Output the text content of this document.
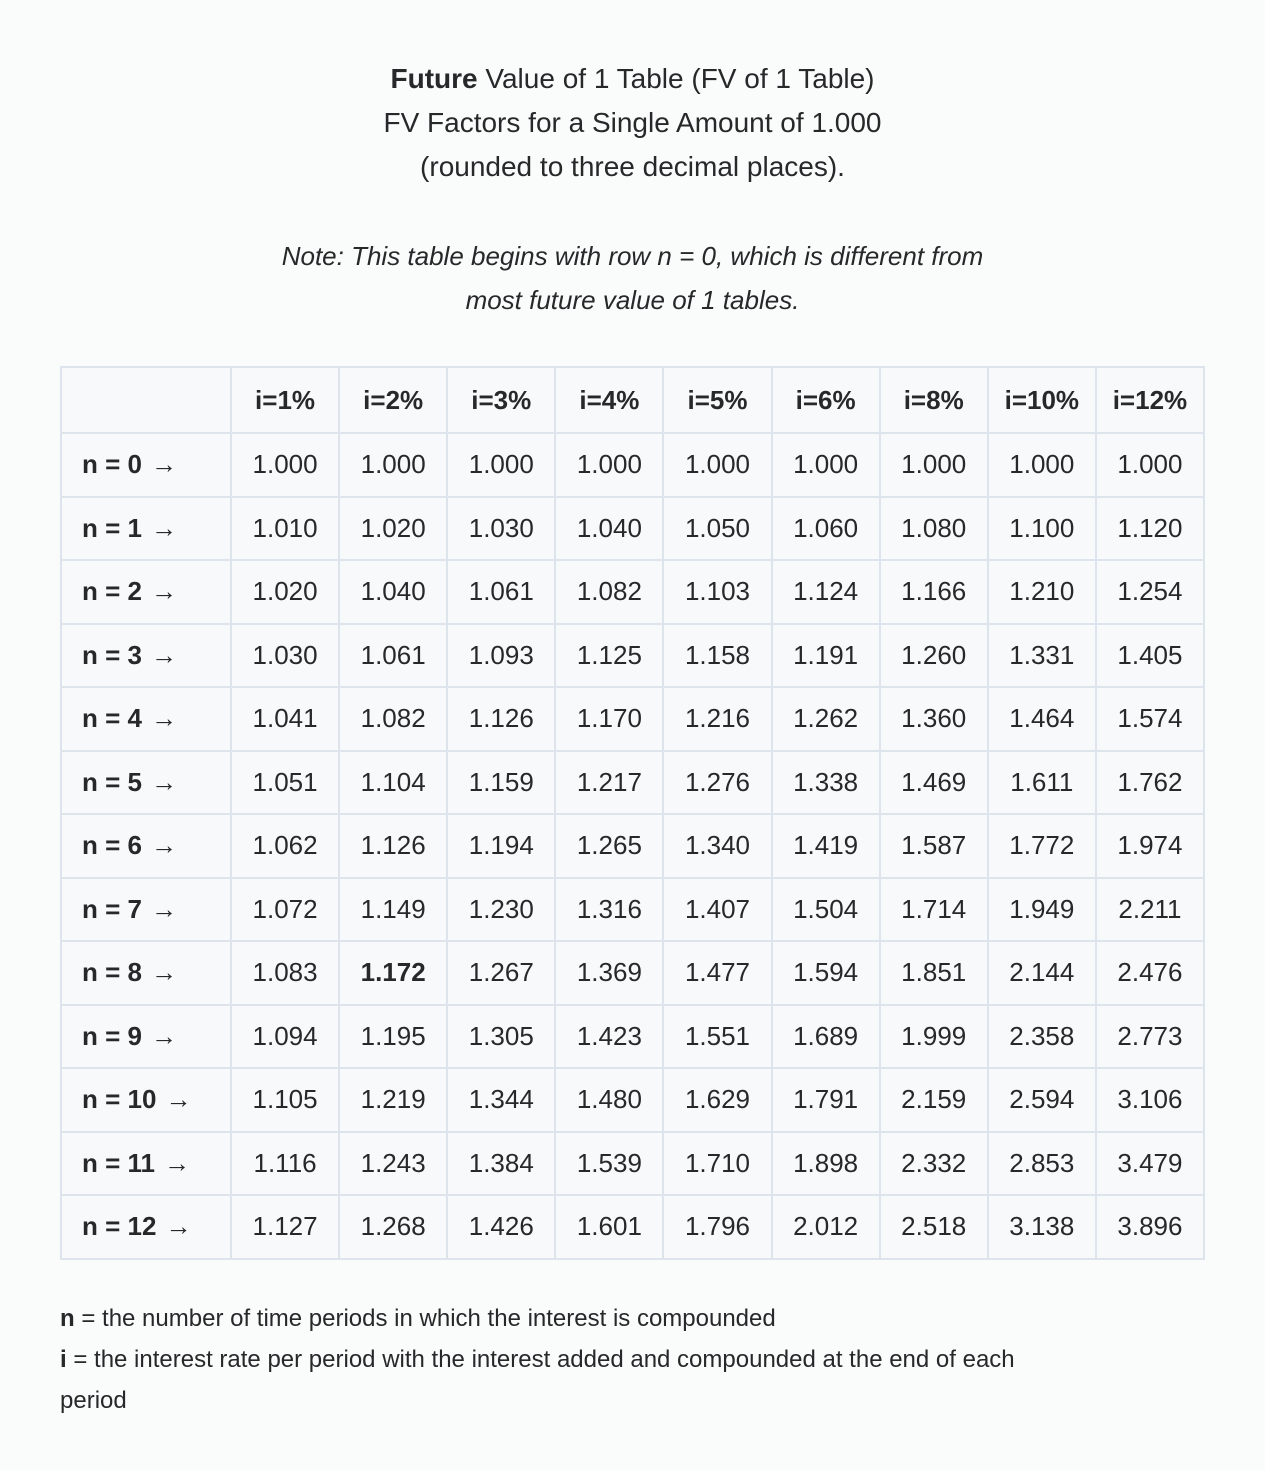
Future Value of 1 Table (FV of 1 Table)
FV Factors for a Single Amount of 1.000
(rounded to three decimal places).
Note: This table begins with row n = 0, which is different from
most future value of 1 tables.
	i=1%	i=2%	i=3%	i=4%	i=5%	i=6%	i=8%	i=10%	i=12%
n = 0 →	1.000	1.000	1.000	1.000	1.000	1.000	1.000	1.000	1.000
n = 1 →	1.010	1.020	1.030	1.040	1.050	1.060	1.080	1.100	1.120
n = 2 →	1.020	1.040	1.061	1.082	1.103	1.124	1.166	1.210	1.254
n = 3 →	1.030	1.061	1.093	1.125	1.158	1.191	1.260	1.331	1.405
n = 4 →	1.041	1.082	1.126	1.170	1.216	1.262	1.360	1.464	1.574
n = 5 →	1.051	1.104	1.159	1.217	1.276	1.338	1.469	1.611	1.762
n = 6 →	1.062	1.126	1.194	1.265	1.340	1.419	1.587	1.772	1.974
n = 7 →	1.072	1.149	1.230	1.316	1.407	1.504	1.714	1.949	2.211
n = 8 →	1.083	1.172	1.267	1.369	1.477	1.594	1.851	2.144	2.476
n = 9 →	1.094	1.195	1.305	1.423	1.551	1.689	1.999	2.358	2.773
n = 10 →	1.105	1.219	1.344	1.480	1.629	1.791	2.159	2.594	3.106
n = 11 →	1.116	1.243	1.384	1.539	1.710	1.898	2.332	2.853	3.479
n = 12 →	1.127	1.268	1.426	1.601	1.796	2.012	2.518	3.138	3.896
n = the number of time periods in which the interest is compounded
i = the interest rate per period with the interest added and compounded at the end of each
period
